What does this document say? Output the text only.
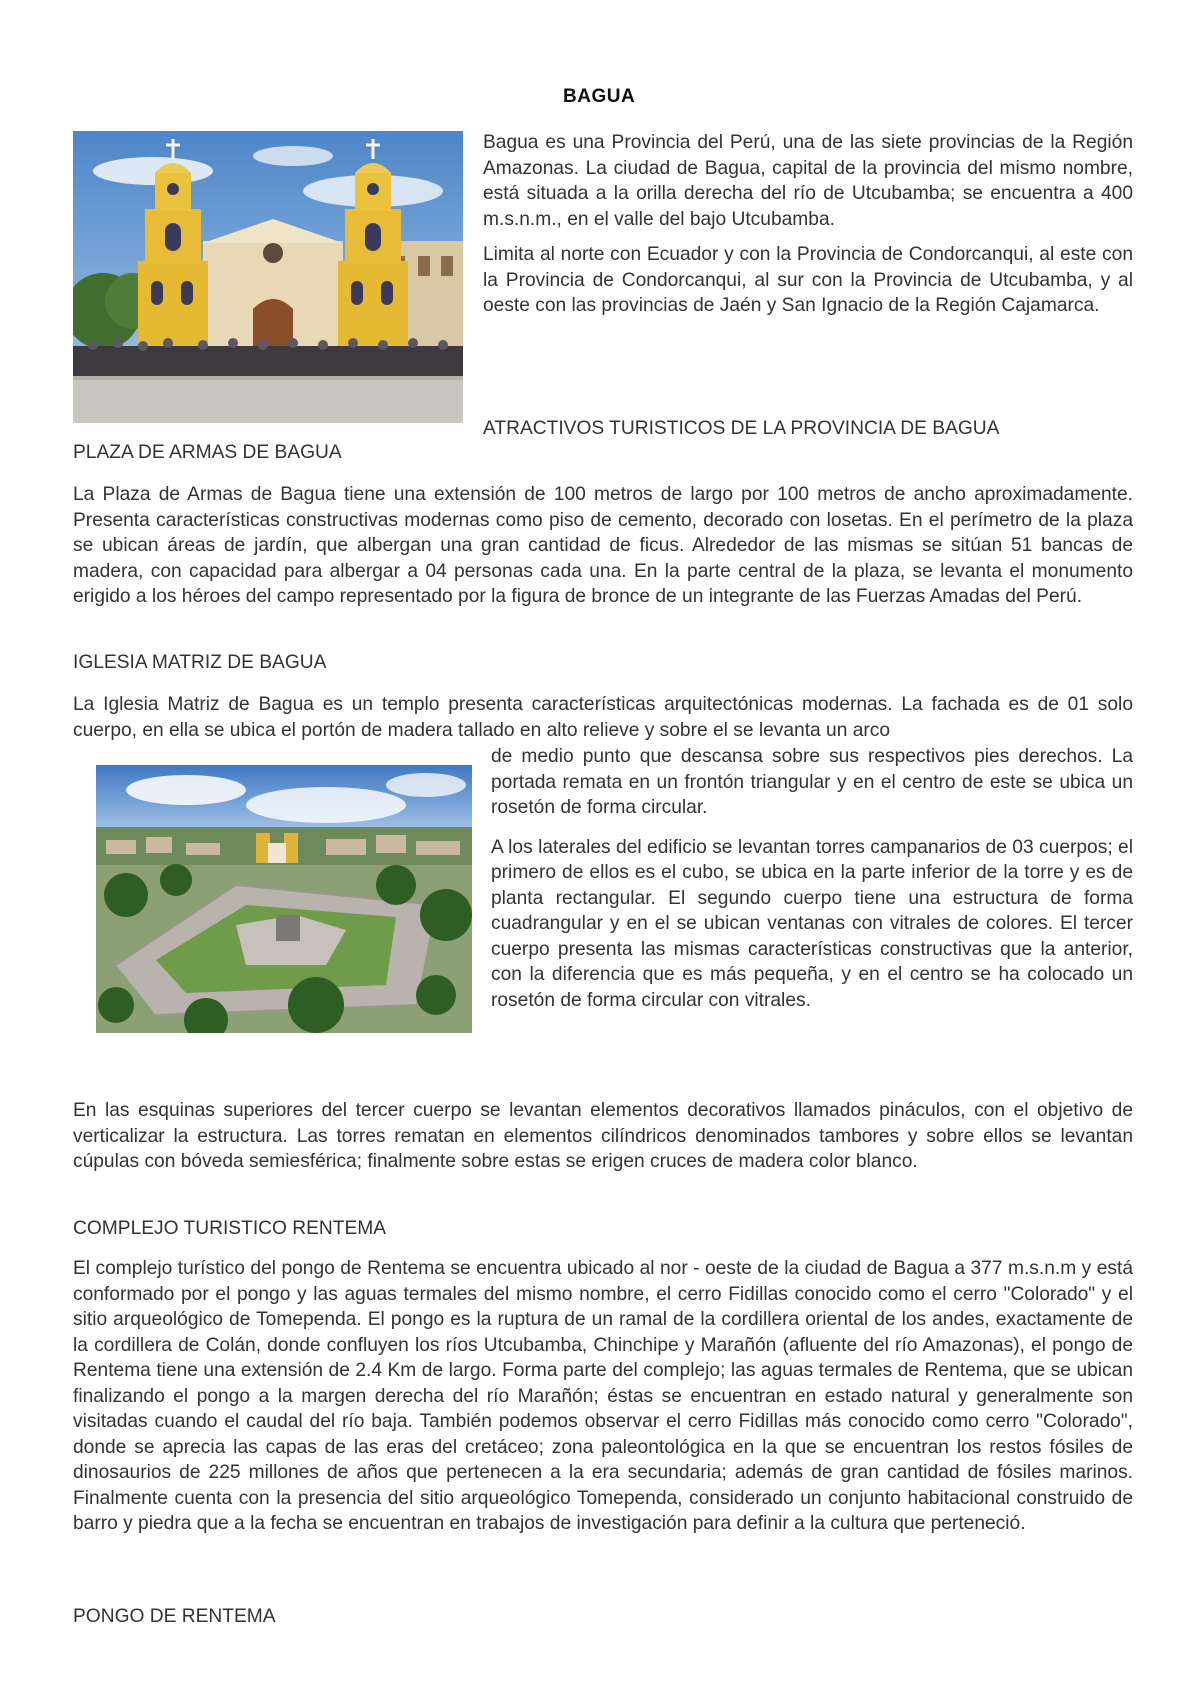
BAGUA

Bagua es una Provincia del Perú, una de las siete provincias de la Región Amazonas. La ciudad de Bagua, capital de la provincia del mismo nombre, está situada a la orilla derecha del río de Utcubamba; se encuentra a 400 m.s.n.m., en el valle del bajo Utcubamba.

Limita al norte con Ecuador y con la Provincia de Condorcanqui, al este con la Provincia de Condorcanqui, al sur con la Provincia de Utcubamba, y al oeste con las provincias de Jaén y San Ignacio de la Región Cajamarca.

ATRACTIVOS TURISTICOS DE LA PROVINCIA DE BAGUA
PLAZA DE ARMAS DE BAGUA

La Plaza de Armas de Bagua tiene una extensión de 100 metros de largo por 100 metros de ancho aproximadamente. Presenta características constructivas modernas como piso de cemento, decorado con losetas. En el perímetro de la plaza se ubican áreas de jardín, que albergan una gran cantidad de ficus. Alrededor de las mismas se sitúan 51 bancas de madera, con capacidad para albergar a 04 personas cada una. En la parte central de la plaza, se levanta el monumento erigido a los héroes del campo representado por la figura de bronce de un integrante de las Fuerzas Amadas del Perú.

IGLESIA MATRIZ DE BAGUA

La Iglesia Matriz de Bagua es un templo presenta características arquitectónicas modernas. La fachada es de 01 solo cuerpo, en ella se ubica el portón de madera tallado en alto relieve y sobre el se levanta un arco

de medio punto que descansa sobre sus respectivos pies derechos. La portada remata en un frontón triangular y en el centro de este se ubica un rosetón de forma circular.

A los laterales del edificio se levantan torres campanarios de 03 cuerpos; el primero de ellos es el cubo, se ubica en la parte inferior de la torre y es de planta rectangular. El segundo cuerpo tiene una estructura de forma cuadrangular y en el se ubican ventanas con vitrales de colores. El tercer cuerpo presenta las mismas características constructivas que la anterior, con la diferencia que es más pequeña, y en el centro se ha colocado un rosetón de forma circular con vitrales.

En las esquinas superiores del tercer cuerpo se levantan elementos decorativos llamados pináculos, con el objetivo de verticalizar la estructura. Las torres rematan en elementos cilíndricos denominados tambores y sobre ellos se levantan cúpulas con bóveda semiesférica; finalmente sobre estas se erigen cruces de madera color blanco.

COMPLEJO TURISTICO RENTEMA

El complejo turístico del pongo de Rentema se encuentra ubicado al nor - oeste de la ciudad de Bagua a 377 m.s.n.m y está conformado por el pongo y las aguas termales del mismo nombre, el cerro Fidillas conocido como el cerro "Colorado" y el sitio arqueológico de Tomependa. El pongo es la ruptura de un ramal de la cordillera oriental de los andes, exactamente de la cordillera de Colán, donde confluyen los ríos Utcubamba, Chinchipe y Marañón (afluente del río Amazonas), el pongo de Rentema tiene una extensión de 2.4 Km de largo. Forma parte del complejo; las aguas termales de Rentema, que se ubican finalizando el pongo a la margen derecha del río Marañón; éstas se encuentran en estado natural y generalmente son visitadas cuando el caudal del río baja. También podemos observar el cerro Fidillas más conocido como cerro "Colorado", donde se aprecia las capas de las eras del cretáceo; zona paleontológica en la que se encuentran los restos fósiles de dinosaurios de 225 millones de años que pertenecen a la era secundaria; además de gran cantidad de fósiles marinos. Finalmente cuenta con la presencia del sitio arqueológico Tomependa, considerado un conjunto habitacional construido de barro y piedra que a la fecha se encuentran en trabajos de investigación para definir a la cultura que perteneció.

PONGO DE RENTEMA
